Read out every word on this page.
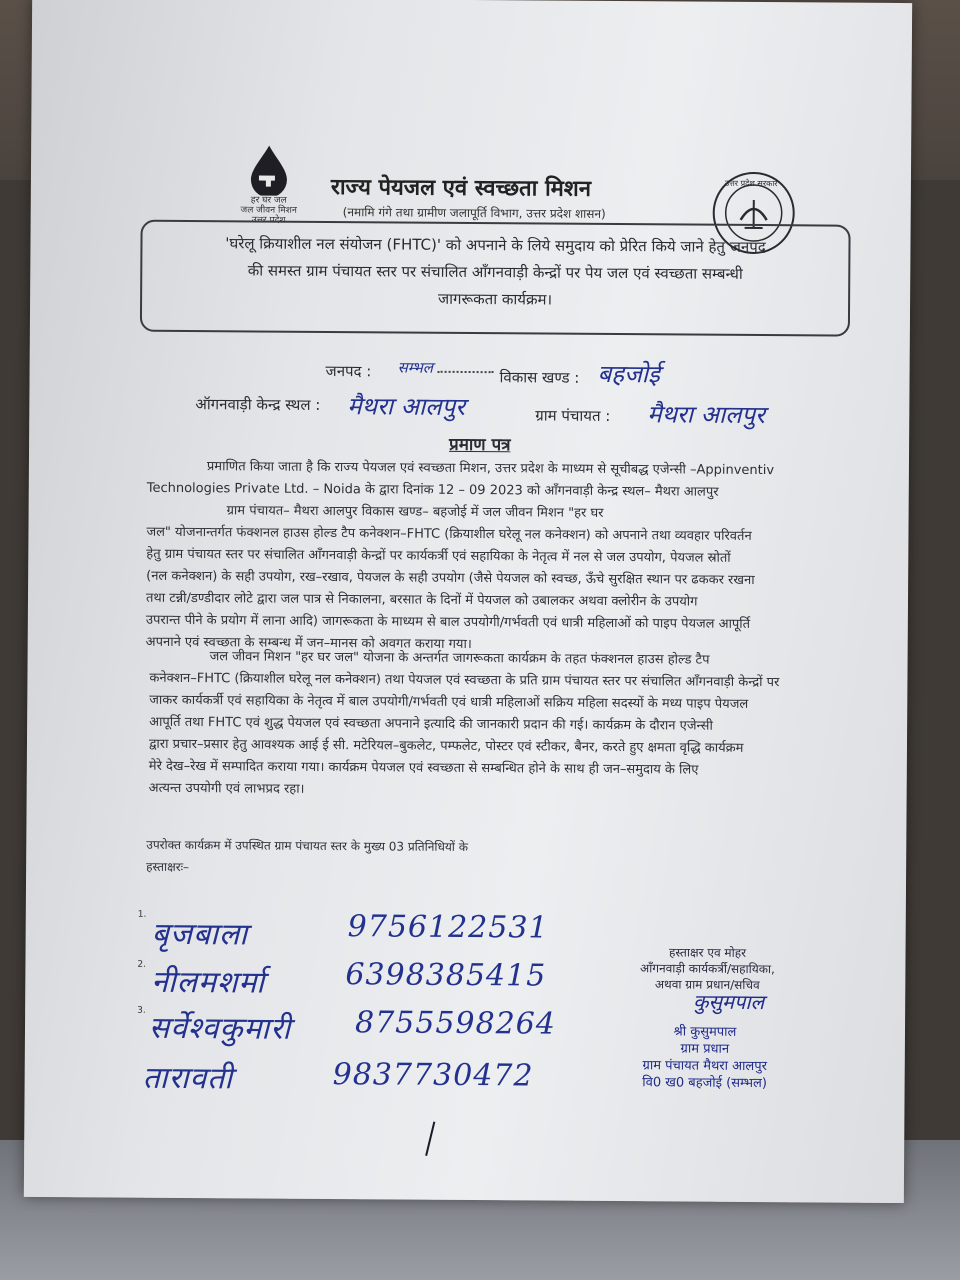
हर घर जल
जल जीवन मिशन
उत्तर प्रदेश
राज्य पेयजल एवं स्वच्छता मिशन
(नमामि गंगे तथा ग्रामीण जलापूर्ति विभाग, उत्तर प्रदेश शासन)
उत्तर प्रदेश सरकार
'घरेलू क्रियाशील नल संयोजन (FHTC)' को अपनाने के लिये समुदाय को प्रेरित किये जाने हेतु जनपद
की समस्त ग्राम पंचायत स्तर पर संचालित आँगनवाड़ी केन्द्रों पर पेय जल एवं स्वच्छता सम्बन्धी
जागरूकता कार्यक्रम।
जनपद : सम्भल
विकास खण्ड : बहजोई
ऑगनवाड़ी केन्द्र स्थल : मैथरा आलपुर	ग्राम पंचायत : मैथरा आलपुर
प्रमाण पत्र
प्रमाणित किया जाता है कि राज्य पेयजल एवं स्वच्छता मिशन, उत्तर प्रदेश के माध्यम से सूचीबद्ध एजेन्सी –Appinventiv
Technologies Private Ltd. – Noida के द्वारा दिनांक 12 – 09 2023 को आँगनवाड़ी केन्द्र स्थल– मैथरा आलपुर
ग्राम पंचायत– मैथरा आलपुर विकास खण्ड– बहजोई में जल जीवन मिशन "हर घर
जल" योजनान्तर्गत फंक्शनल हाउस होल्ड टैप कनेक्शन–FHTC (क्रियाशील घरेलू नल कनेक्शन) को अपनाने तथा व्यवहार परिवर्तन
हेतु ग्राम पंचायत स्तर पर संचालित आँगनवाड़ी केन्द्रों पर कार्यकर्त्री एवं सहायिका के नेतृत्व में नल से जल उपयोग, पेयजल स्रोतों
(नल कनेक्शन) के सही उपयोग, रख–रखाव, पेयजल के सही उपयोग (जैसे पेयजल को स्वच्छ, ऊँचे सुरक्षित स्थान पर ढककर रखना
तथा टन्नी/डण्डीदार लोटे द्वारा जल पात्र से निकालना, बरसात के दिनों में पेयजल को उबालकर अथवा क्लोरीन के उपयोग
उपरान्त पीने के प्रयोग में लाना आदि) जागरूकता के माध्यम से बाल उपयोगी/गर्भवती एवं धात्री महिलाओं को पाइप पेयजल आपूर्ति
अपनाने एवं स्वच्छता के सम्बन्ध में जन–मानस को अवगत कराया गया।
जल जीवन मिशन "हर घर जल" योजना के अन्तर्गत जागरूकता कार्यक्रम के तहत फंक्शनल हाउस होल्ड टैप
कनेक्शन–FHTC (क्रियाशील घरेलू नल कनेक्शन) तथा पेयजल एवं स्वच्छता के प्रति ग्राम पंचायत स्तर पर संचालित आँगनवाड़ी केन्द्रों पर
जाकर कार्यकर्त्री एवं सहायिका के नेतृत्व में बाल उपयोगी/गर्भवती एवं धात्री महिलाओं सक्रिय महिला सदस्यों के मध्य पाइप पेयजल
आपूर्ति तथा FHTC एवं शुद्ध पेयजल एवं स्वच्छता अपनाने इत्यादि की जानकारी प्रदान की गई। कार्यक्रम के दौरान एजेन्सी
द्वारा प्रचार–प्रसार हेतु आवश्यक आई ई सी. मटेरियल–बुकलेट, पम्फलेट, पोस्टर एवं स्टीकर, बैनर, करते हुए क्षमता वृद्धि कार्यक्रम
मेरे देख–रेख में सम्पादित कराया गया। कार्यक्रम पेयजल एवं स्वच्छता से सम्बन्धित होने के साथ ही जन–समुदाय के लिए
अत्यन्त उपयोगी एवं लाभप्रद रहा।
उपरोक्त कार्यक्रम में उपस्थित ग्राम पंचायत स्तर के मुख्य 03 प्रतिनिधियों के
हस्ताक्षरः–
1.
बृजबाला	9756122531
2.
नीलमशर्मा	6398385415
3.
सर्वेश्वकुमारी 8755598264
तारावती	9837730472
हस्ताक्षर एव मोहर
आँगनवाड़ी कार्यकर्त्री/सहायिका,
अथवा ग्राम प्रधान/सचिव
कुसुमपाल
श्री कुसुमपाल
ग्राम प्रधान
ग्राम पंचायत मैथरा आलपुर
वि0 ख0 बहजोई (सम्भल)
